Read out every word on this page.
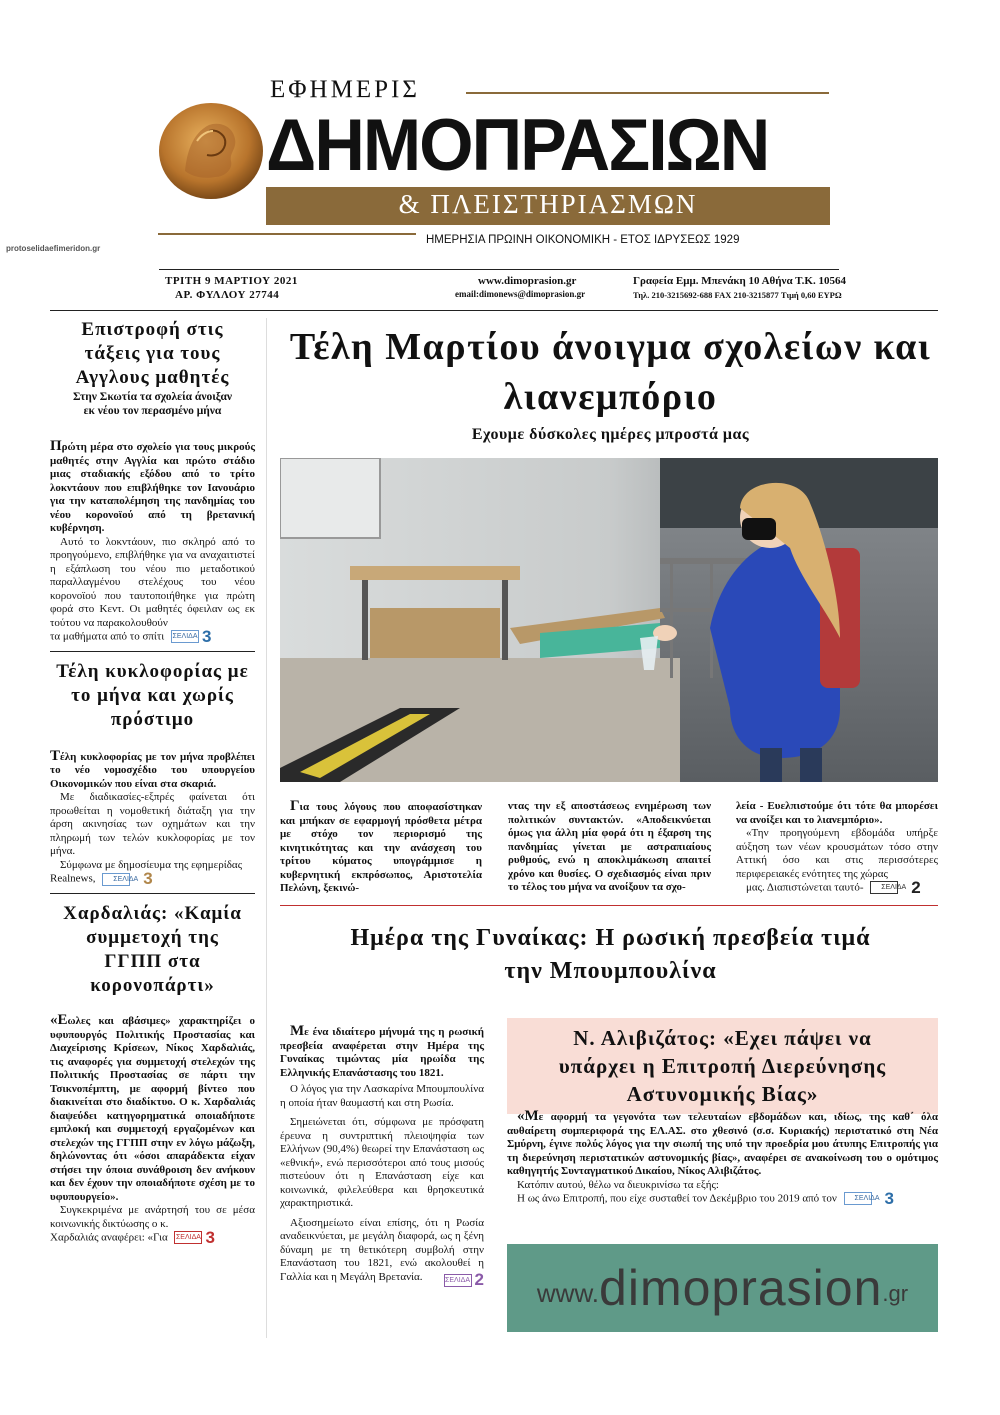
protoselidaefimeridon.gr
ΕΦΗΜΕΡΙΣ
ΔΗΜΟΠΡΑΣΙΩΝ
& ΠΛΕΙΣΤΗΡΙΑΣΜΩΝ
ΗΜΕΡΗΣΙΑ ΠΡΩΙΝΗ ΟΙΚΟΝΟΜΙΚΗ - ΕΤΟΣ ΙΔΡΥΣΕΩΣ 1929
ΤΡΙΤΗ 9 ΜΑΡΤΙΟΥ 2021
ΑΡ. ΦΥΛΛΟΥ 27744
www.dimoprasion.gr
email:dimonews@dimoprasion.gr
Γραφεία Εμμ. Μπενάκη 10 Αθήνα Τ.Κ. 10564
Τηλ. 210-3215692-688 FAX 210-3215877 Τιμή 0,60 ΕΥΡΩ

Επιστροφή στις τάξεις για τους Αγγλους μαθητές

Στην Σκωτία τα σχολεία άνοιξαν εκ νέου τον περασμένο μήνα

Πρώτη μέρα στο σχολείο για τους μικρούς μαθητές στην Αγγλία και πρώτο στάδιο μιας σταδιακής εξόδου από το τρίτο λοκντάουν που επιβλήθηκε τον Ιανουάριο για την καταπολέμηση της πανδημίας του νέου κορονοϊού από τη βρετανική κυβέρνηση.

Αυτό το λοκντάουν, πιο σκληρό από το προηγούμενο, επιβλήθηκε για να αναχαιτιστεί η εξάπλωση του νέου πιο μεταδοτικού παραλλαγμένου στελέχους του νέου κορονοϊού που ταυτοποιήθηκε για πρώτη φορά στο Κεντ. Οι μαθητές όφειλαν ως εκ τούτου να παρακολουθούν

τα μαθήματα από το σπίτι ΣΕΛΙΔΑ 3

Τέλη κυκλοφορίας με το μήνα και χωρίς πρόστιμο

Τέλη κυκλοφορίας με τον μήνα προβλέπει το νέο νομοσχέδιο του υπουργείου Οικονομικών που είναι στα σκαριά.

Με διαδικασίες-εξπρές φαίνεται ότι προωθείται η νομοθετική διάταξη για την άρση ακινησίας των οχημάτων και την πληρωμή των τελών κυκλοφορίας με τον μήνα.

Σύμφωνα με δημοσίευμα της εφημερίδας Realnews,	ΣΕΛΙΔΑ 3

Χαρδαλιάς: «Καμία συμμετοχή της ΓΓΠΠ στα κορονοπάρτι»

«Εωλες και αβάσιμες» χαρακτηρίζει ο υφυπουργός Πολιτικής Προστασίας και Διαχείρισης Κρίσεων, Νίκος Χαρδαλιάς, τις αναφορές για συμμετοχή στελεχών της Πολιτικής Προστασίας σε πάρτι την Τσικνοπέμπτη, με αφορμή βίντεο που διακινείται στο διαδίκτυο. Ο κ. Χαρδαλιάς διαψεύδει κατηγορηματικά οποιαδήποτε εμπλοκή και συμμετοχή εργαζομένων και στελεχών της ΓΓΠΠ στην εν λόγω μάζωξη, δηλώνοντας ότι «όσοι απαράδεκτα είχαν στήσει την όποια συνάθροιση δεν ανήκουν και δεν έχουν την οποιαδήποτε σχέση με το υφυπουργείο».

Συγκεκριμένα με ανάρτησή του σε μέσα κοινωνικής δικτύωσης ο κ.

Χαρδαλιάς αναφέρει: «Για ΣΕΛΙΔΑ 3

Τέλη Μαρτίου άνοιγμα σχολείων και λιανεμπόριο
Εχουμε δύσκολες ημέρες μπροστά μας

Για τους λόγους που αποφασίστηκαν και μπήκαν σε εφαρμογή πρόσθετα μέτρα με στόχο τον περιορισμό της κινητικότητας και την ανάσχεση του τρίτου κύματος υπογράμμισε η κυβερνητική εκπρόσωπος, Αριστοτελία Πελώνη, ξεκινώ-

ντας την εξ αποστάσεως ενημέρωση των πολιτικών συντακτών. «Αποδεικνύεται όμως για άλλη μία φορά ότι η έξαρση της πανδημίας γίνεται με αστραπιαίους ρυθμούς, ενώ η αποκλιμάκωση απαιτεί χρόνο και θυσίες. Ο σχεδιασμός είναι πριν το τέλος του μήνα να ανοίξουν τα σχο-

λεία - Ευελπιστούμε ότι τότε θα μπορέσει να ανοίξει και το λιανεμπόριο».

«Την προηγούμενη εβδομάδα υπήρξε αύξηση των νέων κρουσμάτων τόσο στην Αττική όσο και στις περισσότερες περιφερειακές ενότητες της χώρας

μας. Διαπιστώνεται ταυτό-	ΣΕΛΙΔΑ 2

Ημέρα της Γυναίκας: Η ρωσική πρεσβεία τιμά την Μπουμπουλίνα

Με ένα ιδιαίτερο μήνυμά της η ρωσική πρεσβεία αναφέρεται στην Ημέρα της Γυναίκας τιμώντας μία ηρωίδα της Ελληνικής Επανάστασης του 1821.

Ο λόγος για την Λασκαρίνα Μπουμπουλίνα η οποία ήταν θαυμαστή και στη Ρωσία.

Σημειώνεται ότι, σύμφωνα με πρόσφατη έρευνα η συντριπτική πλειοψηφία των Ελλήνων (90,4%) θεωρεί την Επανάσταση ως «εθνική», ενώ περισσότεροι από τους μισούς πιστεύουν ότι η Επανάσταση είχε και κοινωνικά, φιλελεύθερα και θρησκευτικά χαρακτηριστικά.

Αξιοσημείωτο είναι επίσης, ότι η Ρωσία αναδεικνύεται, με μεγάλη διαφορά, ως η ξένη δύναμη με τη θετικότερη συμβολή στην Επανάσταση του 1821, ενώ ακολουθεί η Γαλλία και η Μεγάλη Βρετανία.	ΣΕΛΙΔΑ 2
Ν. Αλιβιζάτος: «Εχει πάψει να υπάρχει η Επιτροπή Διερεύνησης Αστυνομικής Βίας»

«Με αφορμή τα γεγονότα των τελευταίων εβδομάδων και, ιδίως, της καθ΄ όλα αυθαίρετη συμπεριφορά της ΕΛ.ΑΣ. στο χθεσινό (σ.σ. Κυριακής) περιστατικό στη Νέα Σμύρνη, έγινε πολύς λόγος για την σιωπή της υπό την προεδρία μου άτυπης Επιτροπής για τη διερεύνηση περιστατικών αστυνομικής βίας», αναφέρει σε ανακοίνωση του ο ομότιμος καθηγητής Συνταγματικού Δικαίου, Νίκος Αλιβιζάτος.

Κατόπιν αυτού, θέλω να διευκρινίσω τα εξής:

Η ως άνω Επιτροπή, που είχε συσταθεί τον Δεκέμβριο του 2019 από τον	ΣΕΛΙΔΑ 3

www. dimoprasion .gr
